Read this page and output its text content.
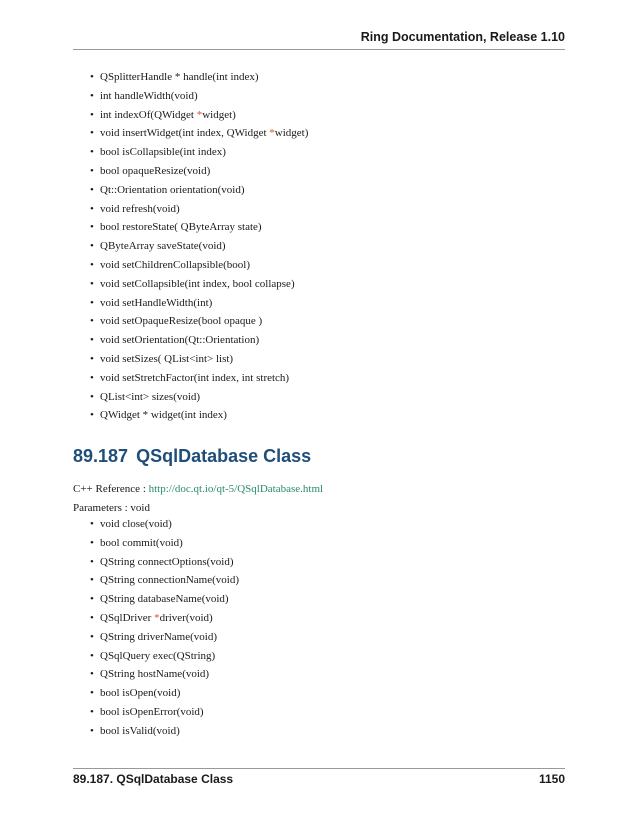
Ring Documentation, Release 1.10
• QSplitterHandle * handle(int index)
• int handleWidth(void)
• int indexOf(QWidget *widget)
• void insertWidget(int index, QWidget *widget)
• bool isCollapsible(int index)
• bool opaqueResize(void)
• Qt::Orientation orientation(void)
• void refresh(void)
• bool restoreState( QByteArray state)
• QByteArray saveState(void)
• void setChildrenCollapsible(bool)
• void setCollapsible(int index, bool collapse)
• void setHandleWidth(int)
• void setOpaqueResize(bool opaque )
• void setOrientation(Qt::Orientation)
• void setSizes( QList<int> list)
• void setStretchFactor(int index, int stretch)
• QList<int> sizes(void)
• QWidget * widget(int index)
89.187 QSqlDatabase Class
C++ Reference : http://doc.qt.io/qt-5/QSqlDatabase.html
Parameters : void
• void close(void)
• bool commit(void)
• QString connectOptions(void)
• QString connectionName(void)
• QString databaseName(void)
• QSqlDriver *driver(void)
• QString driverName(void)
• QSqlQuery exec(QString)
• QString hostName(void)
• bool isOpen(void)
• bool isOpenError(void)
• bool isValid(void)
89.187. QSqlDatabase Class	1150
